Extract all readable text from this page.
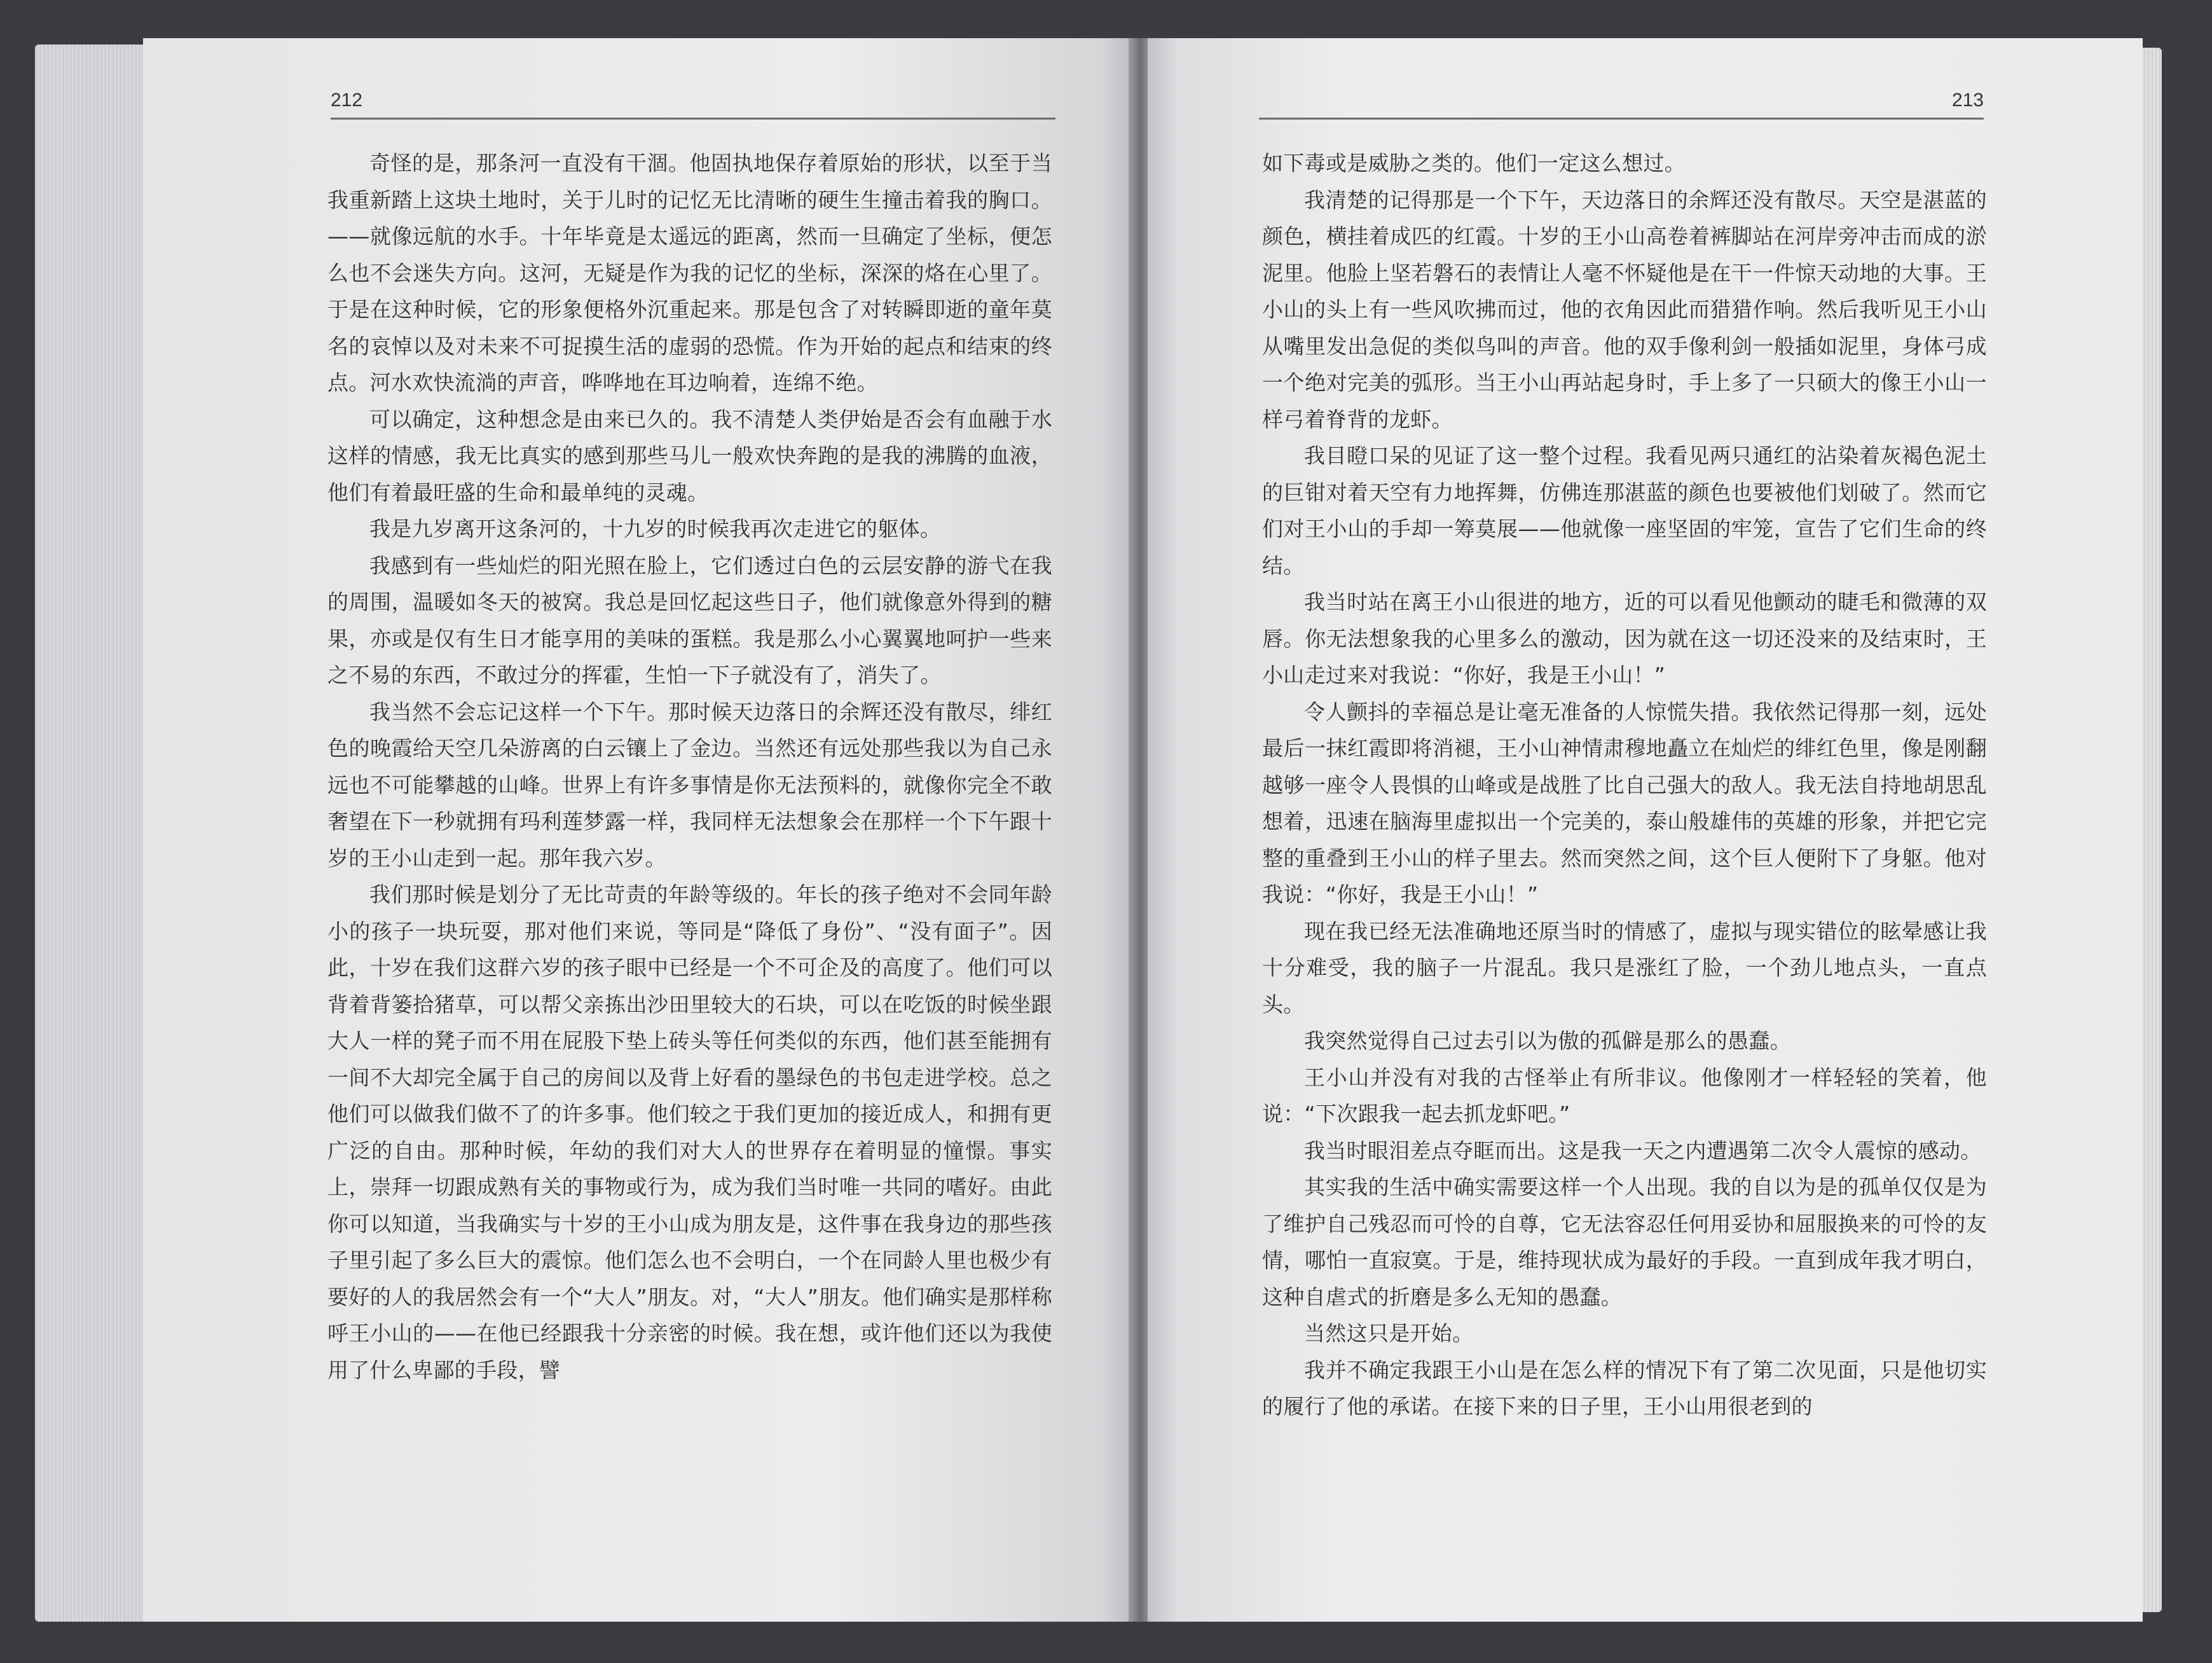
212

奇怪的是，那条河一直没有干涸。他固执地保存着原始的形状，以至于当我重新踏上这块土地时，关于儿时的记忆无比清晰的硬生生撞击着我的胸口。——就像远航的水手。十年毕竟是太遥远的距离，然而一旦确定了坐标，便怎么也不会迷失方向。这河，无疑是作为我的记忆的坐标，深深的烙在心里了。于是在这种时候，它的形象便格外沉重起来。那是包含了对转瞬即逝的童年莫名的哀悼以及对未来不可捉摸生活的虚弱的恐慌。作为开始的起点和结束的终点。河水欢快流淌的声音，哗哗地在耳边响着，连绵不绝。

可以确定，这种想念是由来已久的。我不清楚人类伊始是否会有血融于水这样的情感，我无比真实的感到那些马儿一般欢快奔跑的是我的沸腾的血液，他们有着最旺盛的生命和最单纯的灵魂。

我是九岁离开这条河的，十九岁的时候我再次走进它的躯体。

我感到有一些灿烂的阳光照在脸上，它们透过白色的云层安静的游弋在我的周围，温暖如冬天的被窝。我总是回忆起这些日子，他们就像意外得到的糖果，亦或是仅有生日才能享用的美味的蛋糕。我是那么小心翼翼地呵护一些来之不易的东西，不敢过分的挥霍，生怕一下子就没有了，消失了。

我当然不会忘记这样一个下午。那时候天边落日的余辉还没有散尽，绯红色的晚霞给天空几朵游离的白云镶上了金边。当然还有远处那些我以为自己永远也不可能攀越的山峰。世界上有许多事情是你无法预料的，就像你完全不敢奢望在下一秒就拥有玛利莲梦露一样，我同样无法想象会在那样一个下午跟十岁的王小山走到一起。那年我六岁。

我们那时候是划分了无比苛责的年龄等级的。年长的孩子绝对不会同年龄小的孩子一块玩耍，那对他们来说，等同是“降低了身份”、“没有面子”。因此，十岁在我们这群六岁的孩子眼中已经是一个不可企及的高度了。他们可以背着背篓拾猪草，可以帮父亲拣出沙田里较大的石块，可以在吃饭的时候坐跟大人一样的凳子而不用在屁股下垫上砖头等任何类似的东西，他们甚至能拥有一间不大却完全属于自己的房间以及背上好看的墨绿色的书包走进学校。总之他们可以做我们做不了的许多事。他们较之于我们更加的接近成人，和拥有更广泛的自由。那种时候，年幼的我们对大人的世界存在着明显的憧憬。事实上，崇拜一切跟成熟有关的事物或行为，成为我们当时唯一共同的嗜好。由此你可以知道，当我确实与十岁的王小山成为朋友是，这件事在我身边的那些孩子里引起了多么巨大的震惊。他们怎么也不会明白，一个在同龄人里也极少有要好的人的我居然会有一个“大人”朋友。对，“大人”朋友。他们确实是那样称呼王小山的——在他已经跟我十分亲密的时候。我在想，或许他们还以为我使用了什么卑鄙的手段，譬

213

如下毒或是威胁之类的。他们一定这么想过。

我清楚的记得那是一个下午，天边落日的余辉还没有散尽。天空是湛蓝的颜色，横挂着成匹的红霞。十岁的王小山高卷着裤脚站在河岸旁冲击而成的淤泥里。他脸上坚若磐石的表情让人毫不怀疑他是在干一件惊天动地的大事。王小山的头上有一些风吹拂而过，他的衣角因此而猎猎作响。然后我听见王小山从嘴里发出急促的类似鸟叫的声音。他的双手像利剑一般插如泥里，身体弓成一个绝对完美的弧形。当王小山再站起身时，手上多了一只硕大的像王小山一样弓着脊背的龙虾。

我目瞪口呆的见证了这一整个过程。我看见两只通红的沾染着灰褐色泥土的巨钳对着天空有力地挥舞，仿佛连那湛蓝的颜色也要被他们划破了。然而它们对王小山的手却一筹莫展——他就像一座坚固的牢笼，宣告了它们生命的终结。

我当时站在离王小山很进的地方，近的可以看见他颤动的睫毛和微薄的双唇。你无法想象我的心里多么的激动，因为就在这一切还没来的及结束时，王小山走过来对我说：“你好，我是王小山！”

令人颤抖的幸福总是让毫无准备的人惊慌失措。我依然记得那一刻，远处最后一抹红霞即将消褪，王小山神情肃穆地矗立在灿烂的绯红色里，像是刚翻越够一座令人畏惧的山峰或是战胜了比自己强大的敌人。我无法自持地胡思乱想着，迅速在脑海里虚拟出一个完美的，泰山般雄伟的英雄的形象，并把它完整的重叠到王小山的样子里去。然而突然之间，这个巨人便附下了身躯。他对我说：“你好，我是王小山！”

现在我已经无法准确地还原当时的情感了，虚拟与现实错位的眩晕感让我十分难受，我的脑子一片混乱。我只是涨红了脸，一个劲儿地点头，一直点头。

我突然觉得自己过去引以为傲的孤僻是那么的愚蠢。

王小山并没有对我的古怪举止有所非议。他像刚才一样轻轻的笑着，他说：“下次跟我一起去抓龙虾吧。”

我当时眼泪差点夺眶而出。这是我一天之内遭遇第二次令人震惊的感动。

其实我的生活中确实需要这样一个人出现。我的自以为是的孤单仅仅是为了维护自己残忍而可怜的自尊，它无法容忍任何用妥协和屈服换来的可怜的友情，哪怕一直寂寞。于是，维持现状成为最好的手段。一直到成年我才明白，这种自虐式的折磨是多么无知的愚蠢。

当然这只是开始。

我并不确定我跟王小山是在怎么样的情况下有了第二次见面，只是他切实的履行了他的承诺。在接下来的日子里，王小山用很老到的
